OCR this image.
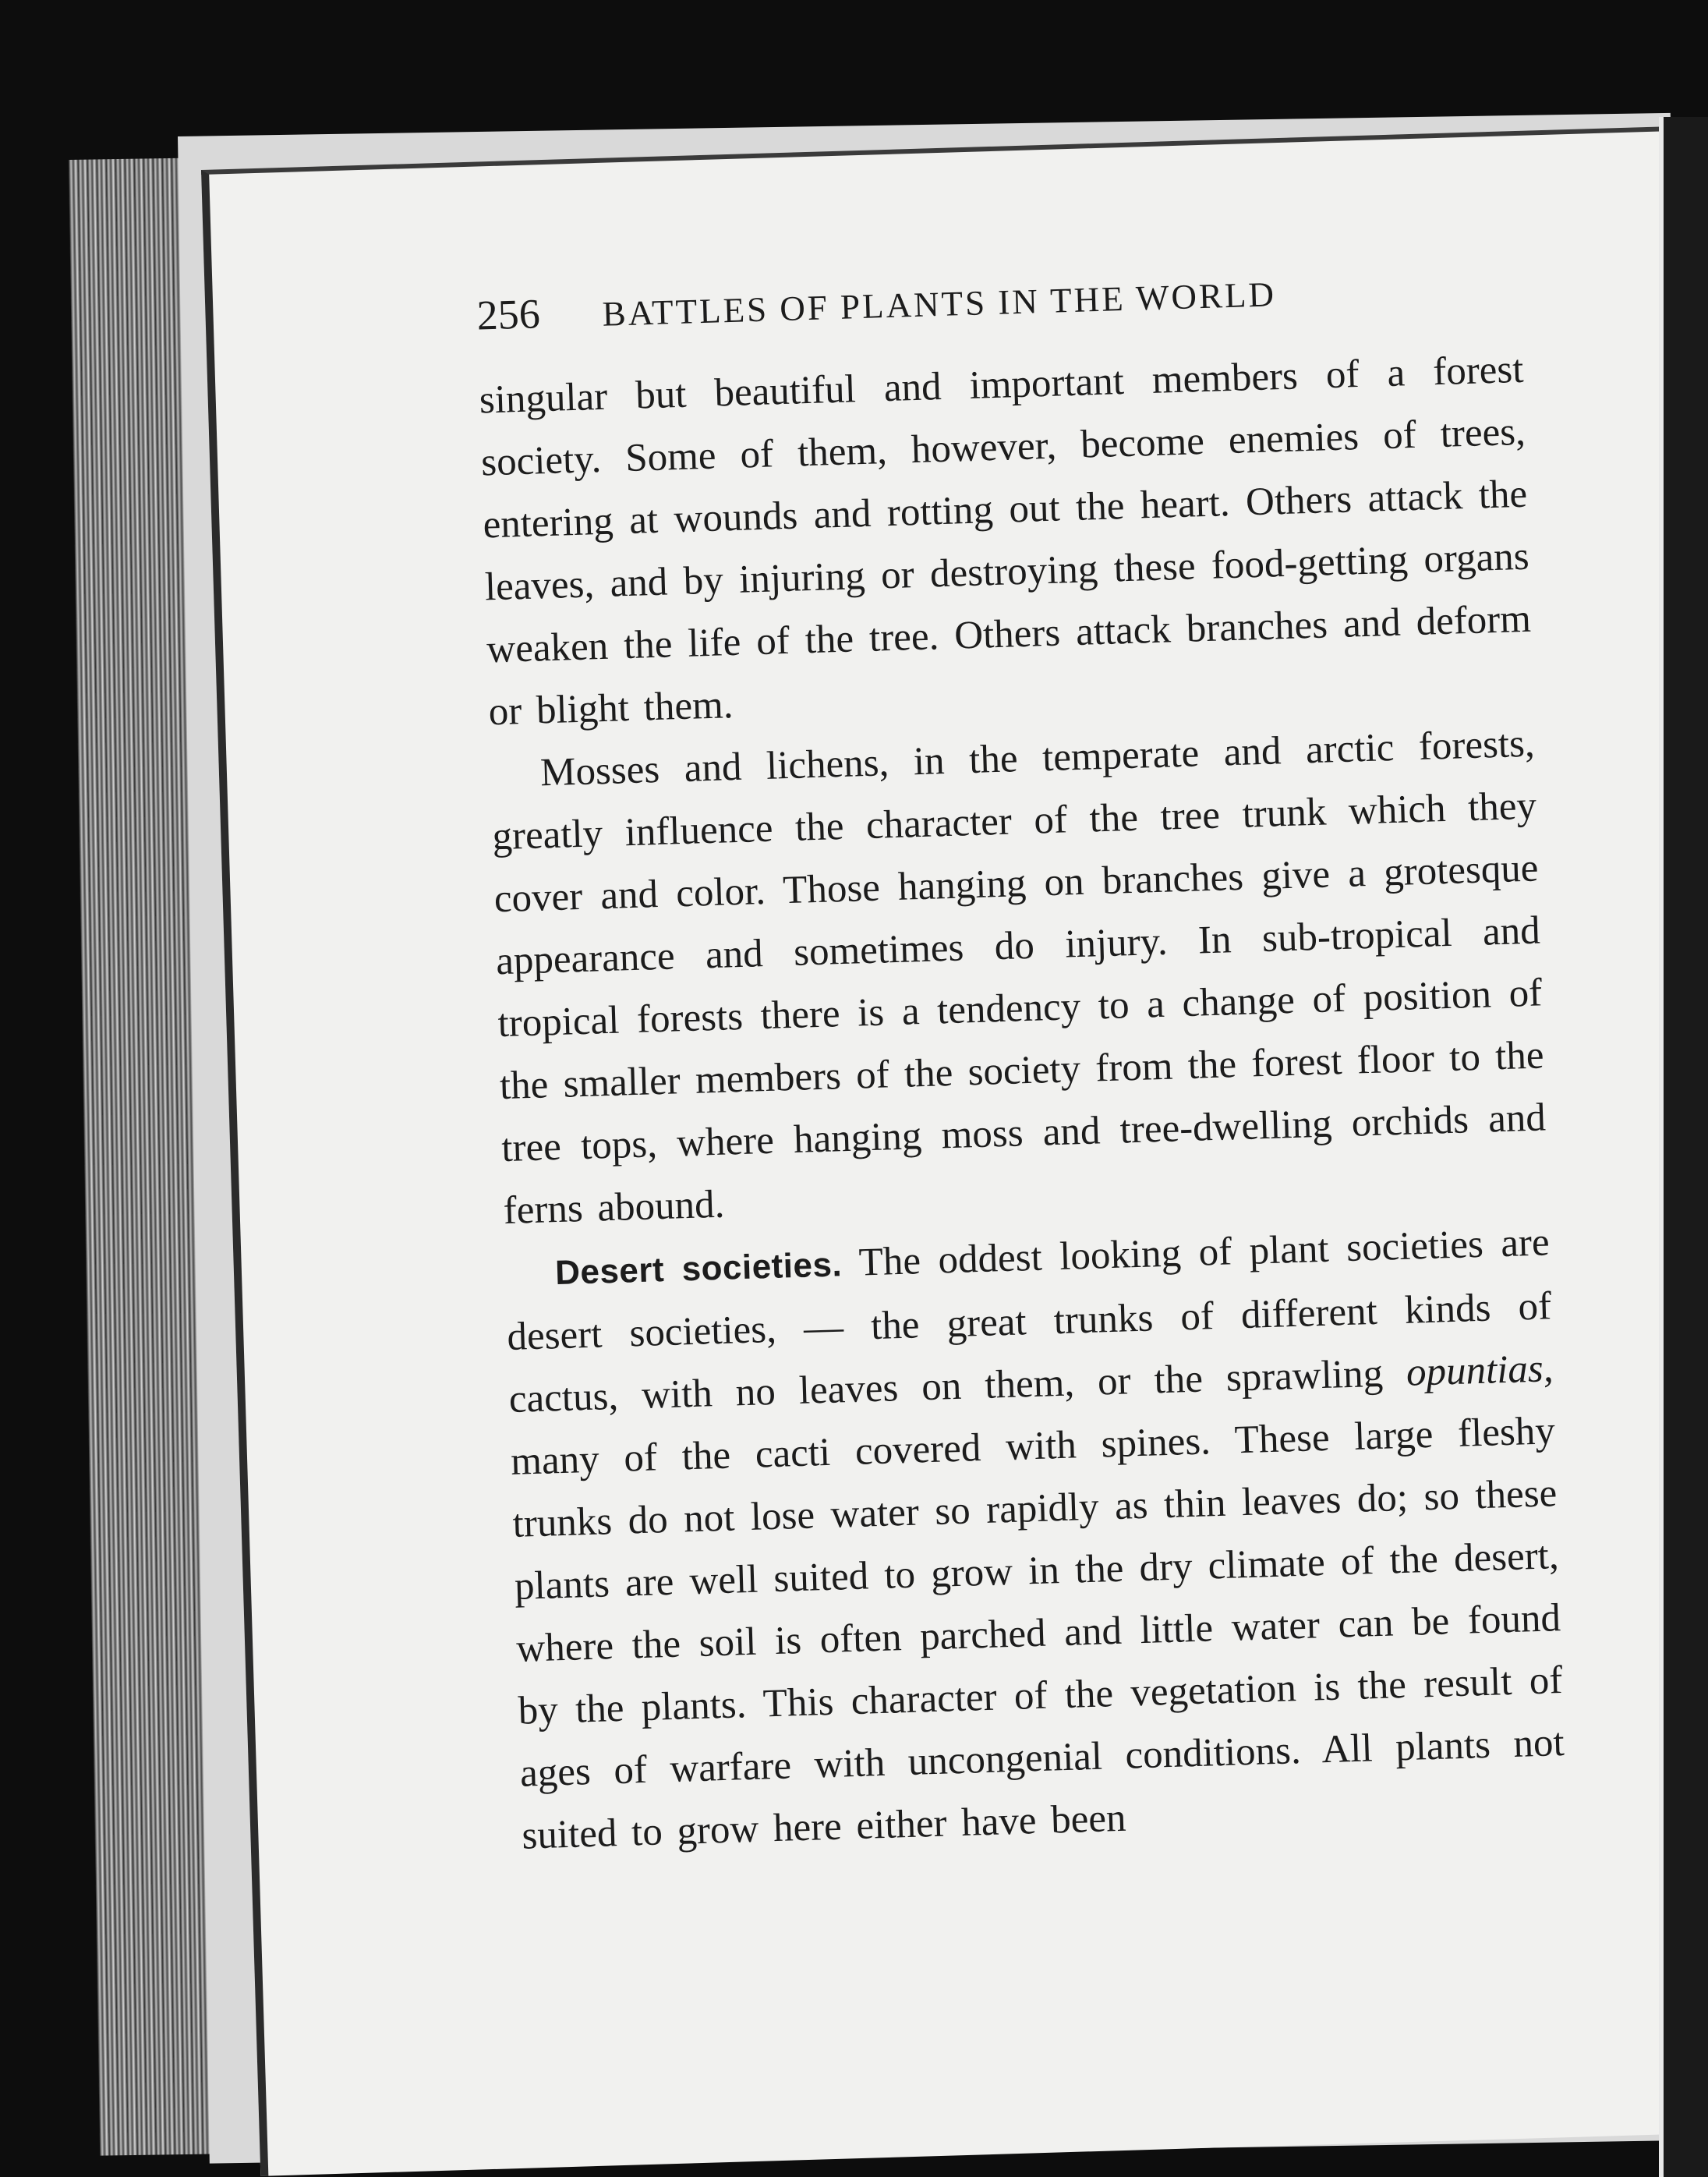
256 BATTLES OF PLANTS IN THE WORLD

singular but beautiful and important members of a forest society. Some of them, however, become enemies of trees, entering at wounds and rotting out the heart. Others attack the leaves, and by injuring or destroying these food-getting organs weaken the life of the tree. Others attack branches and deform or blight them.

Mosses and lichens, in the temperate and arctic forests, greatly influence the character of the tree trunk which they cover and color. Those hanging on branches give a grotesque appearance and sometimes do injury. In sub-tropical and tropical forests there is a tendency to a change of position of the smaller members of the society from the forest floor to the tree tops, where hanging moss and tree-dwelling orchids and ferns abound.

Desert societies. The oddest looking of plant societies are desert societies, — the great trunks of different kinds of cactus, with no leaves on them, or the sprawling opuntias, many of the cacti covered with spines. These large fleshy trunks do not lose water so rapidly as thin leaves do; so these plants are well suited to grow in the dry climate of the desert, where the soil is often parched and little water can be found by the plants. This character of the vegetation is the result of ages of warfare with uncongenial conditions. All plants not suited to grow here either have been
